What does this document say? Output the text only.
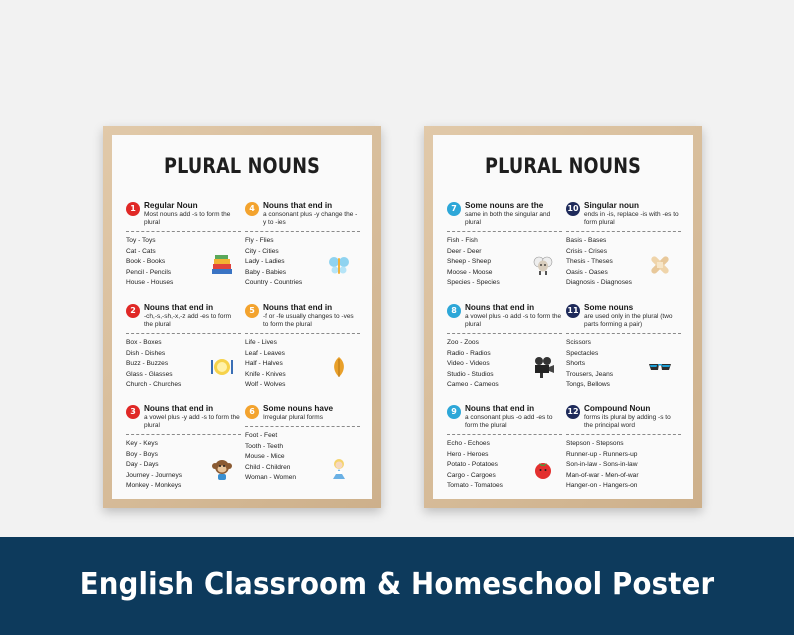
PLURAL NOUNS
1	Regular Noun
Most nouns add -s to form the plural
Toy - Toys
Cat - Cats
Book - Books
Pencil - Pencils
House - Houses
2	Nouns that end in
-ch,-s,-sh,-x,-z add -es to form the plural
Box - Boxes
Dish - Dishes
Buzz - Buzzes
Glass - Glasses
Church - Churches
3	Nouns that end in
a vowel plus -y add -s to form the plural
Key - Keys
Boy - Boys
Day - Days
Journey - Journeys
Monkey - Monkeys
4	Nouns that end in
a consonant plus -y change the -y to -ies
Fly - Flies
City - Cities
Lady - Ladies
Baby - Babies
Country - Countries
5	Nouns that end in
-f or -fe usually changes to -ves to form the plural
Life - Lives
Leaf - Leaves
Half - Halves
Knife - Knives
Wolf - Wolves
6	Some nouns have
Irregular plural forms
Foot - Feet
Tooth - Teeth
Mouse - Mice
Child - Children
Woman - Women
PLURAL NOUNS
7	Some nouns are the
same in both the singular and plural
Fish - Fish
Deer - Deer
Sheep - Sheep
Moose - Moose
Species - Species
8	Nouns that end in
a vowel plus -o add -s to form the plural
Zoo - Zoos
Radio - Radios
Video - Videos
Studio - Studios
Cameo - Cameos
9	Nouns that end in
a consonant plus -o add -es to form the plural
Echo - Echoes
Hero - Heroes
Potato - Potatoes
Cargo - Cargoes
Tomato - Tomatoes
10 Singular noun
ends in -is, replace -is with -es to form plural
Basis - Bases
Crisis - Crises
Thesis - Theses
Oasis - Oases
Diagnosis - Diagnoses
11 Some nouns
are used only in the plural (two parts forming a pair)
Scissors
Spectacles
Shorts
Trousers, Jeans
Tongs, Bellows
12 Compound Noun
forms its plural by adding -s to the principal word
Stepson - Stepsons
Runner-up - Runners-up
Son-in-law - Sons-in-law
Man-of-war - Men-of-war
Hanger-on - Hangers-on
English Classroom & Homeschool Poster
